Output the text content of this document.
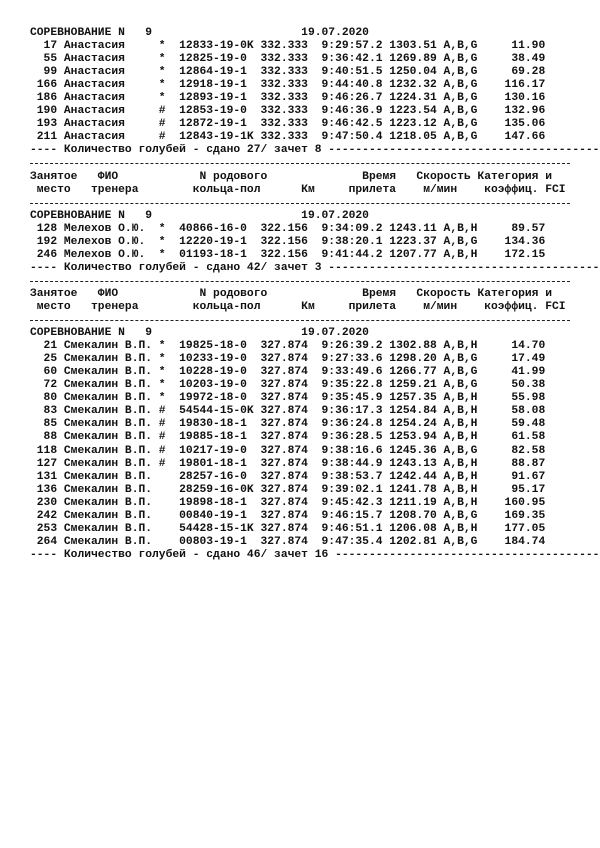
СОРЕВНОВАНИЕ N   9                      19.07.2020
17 Анастасия     *  12833-19-0K 332.333  9:29:57.2 1303.51 A,B,G     11.90
55 Анастасия     *  12825-19-0  332.333  9:36:42.1 1269.89 A,B,G     38.49
99 Анастасия     *  12864-19-1  332.333  9:40:51.5 1250.04 A,B,G     69.28
166 Анастасия     *  12918-19-1  332.333  9:44:40.8 1232.32 A,B,G    116.17
186 Анастасия     *  12893-19-1  332.333  9:46:26.7 1224.31 A,B,G    130.16
190 Анастасия     #  12853-19-0  332.333  9:46:36.9 1223.54 A,B,G    132.96
193 Анастасия     #  12872-19-1  332.333  9:46:42.5 1223.12 A,B,G    135.06
211 Анастасия     #  12843-19-1K 332.333  9:47:50.4 1218.05 A,B,G    147.66
---- Количество голубей - сдано 27/ зачет 8 ----------------------------------------
Занятое   ФИО            N родового              Время   Скорость Категория и
место   тренера        кольца-пол      Км     прилета    м/мин    коэффиц. FCI
СОРЕВНОВАНИЕ N   9                      19.07.2020
128 Мелехов О.Ю.  *  40866-16-0  322.156  9:34:09.2 1243.11 A,B,H     89.57
192 Мелехов О.Ю.  *  12220-19-1  322.156  9:38:20.1 1223.37 A,B,G    134.36
246 Мелехов О.Ю.  *  01193-18-1  322.156  9:41:44.2 1207.77 A,B,H    172.15
---- Количество голубей - сдано 42/ зачет 3 ----------------------------------------
Занятое   ФИО            N родового              Время   Скорость Категория и
место   тренера        кольца-пол      Км     прилета    м/мин    коэффиц. FCI
СОРЕВНОВАНИЕ N   9                      19.07.2020
21 Смекалин В.П. *  19825-18-0  327.874  9:26:39.2 1302.88 A,B,H     14.70
25 Смекалин В.П. *  10233-19-0  327.874  9:27:33.6 1298.20 A,B,G     17.49
60 Смекалин В.П. *  10228-19-0  327.874  9:33:49.6 1266.77 A,B,G     41.99
72 Смекалин В.П. *  10203-19-0  327.874  9:35:22.8 1259.21 A,B,G     50.38
80 Смекалин В.П. *  19972-18-0  327.874  9:35:45.9 1257.35 A,B,H     55.98
83 Смекалин В.П. #  54544-15-0K 327.874  9:36:17.3 1254.84 A,B,H     58.08
85 Смекалин В.П. #  19830-18-1  327.874  9:36:24.8 1254.24 A,B,H     59.48
88 Смекалин В.П. #  19885-18-1  327.874  9:36:28.5 1253.94 A,B,H     61.58
118 Смекалин В.П. #  10217-19-0  327.874  9:38:16.6 1245.36 A,B,G     82.58
127 Смекалин В.П. #  19801-18-1  327.874  9:38:44.9 1243.13 A,B,H     88.87
131 Смекалин В.П.    28257-16-0  327.874  9:38:53.7 1242.44 A,B,H     91.67
136 Смекалин В.П.    28259-16-0K 327.874  9:39:02.1 1241.78 A,B,H     95.17
230 Смекалин В.П.    19898-18-1  327.874  9:45:42.3 1211.19 A,B,H    160.95
242 Смекалин В.П.    00840-19-1  327.874  9:46:15.7 1208.70 A,B,G    169.35
253 Смекалин В.П.    54428-15-1K 327.874  9:46:51.1 1206.08 A,B,H    177.05
264 Смекалин В.П.    00803-19-1  327.874  9:47:35.4 1202.81 A,B,G    184.74
---- Количество голубей - сдано 46/ зачет 16 ---------------------------------------
